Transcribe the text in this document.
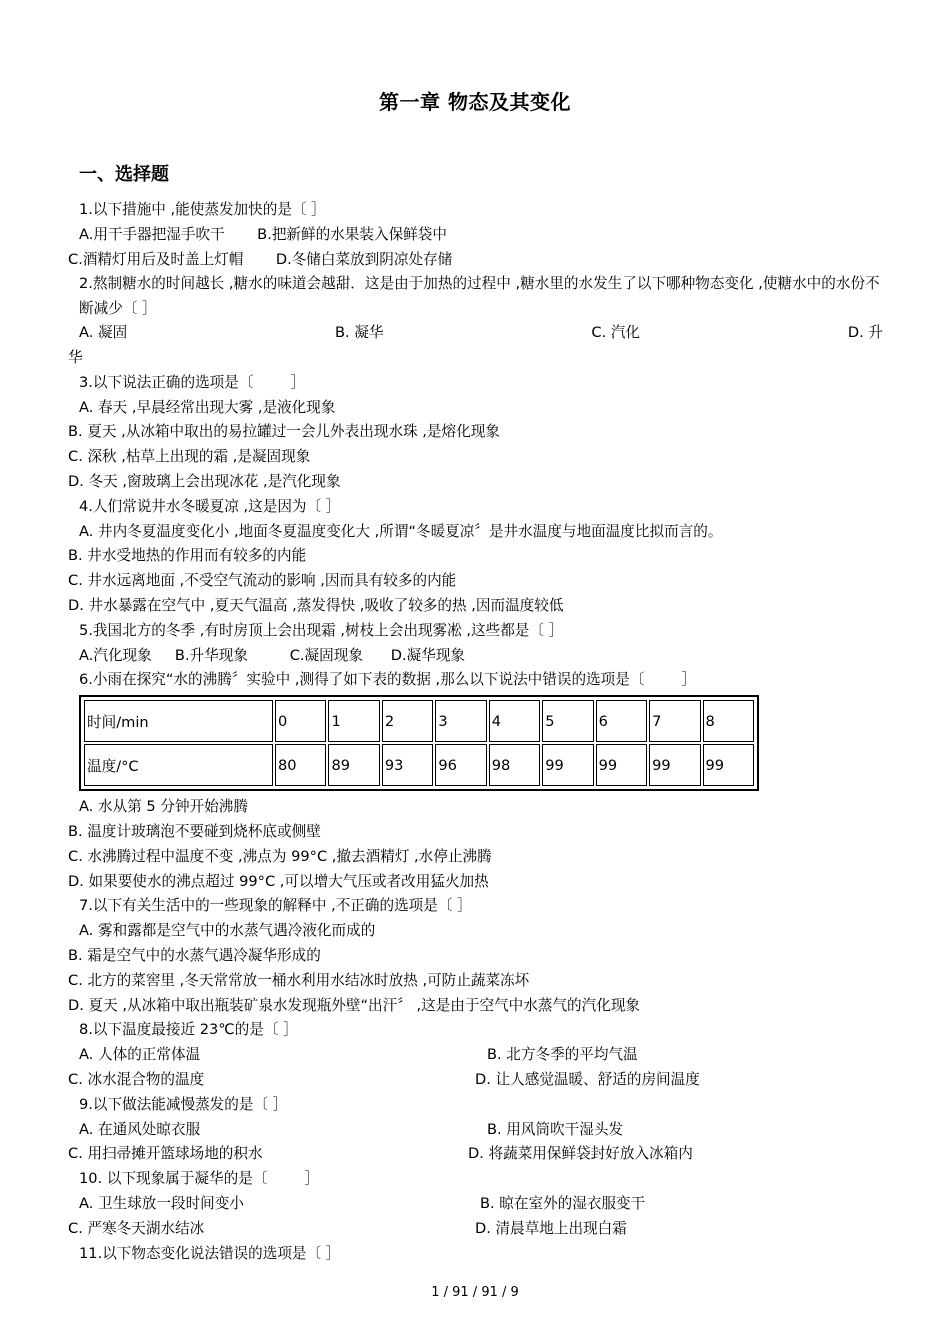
第一章 物态及其变化
一、选择题
1.以下措施中 ,能使蒸发加快的是〔 ］
A.用干手器把湿手吹干       B.把新鲜的水果装入保鲜袋中
C.酒精灯用后及时盖上灯帽       D.冬储白菜放到阴凉处存储
2.熬制糖水的时间越长 ,糖水的味道会越甜．这是由于加热的过程中 ,糖水里的水发生了以下哪种物态变化 ,使糖水中的水份不断减少〔 ］
A. 凝固	B. 凝华	C. 汽化	D. 升
华
3.以下说法正确的选项是〔        ］
A. 春天 ,早晨经常出现大雾 ,是液化现象
B. 夏天 ,从冰箱中取出的易拉罐过一会儿外表出现水珠 ,是熔化现象
C. 深秋 ,枯草上出现的霜 ,是凝固现象
D. 冬天 ,窗玻璃上会出现冰花 ,是汽化现象
4.人们常说井水冬暖夏凉 ,这是因为〔 ］
A. 井内冬夏温度变化小 ,地面冬夏温度变化大 ,所谓“冬暖夏凉〞是井水温度与地面温度比拟而言的。
B. 井水受地热的作用而有较多的内能
C. 井水远离地面 ,不受空气流动的影响 ,因而具有较多的内能
D. 井水暴露在空气中 ,夏天气温高 ,蒸发得快 ,吸收了较多的热 ,因而温度较低
5.我国北方的冬季 ,有时房顶上会出现霜 ,树枝上会出现雾凇 ,这些都是〔 ］
A.汽化现象     B.升华现象         C.凝固现象      D.凝华现象
6.小雨在探究“水的沸腾〞实验中 ,测得了如下表的数据 ,那么以下说法中错误的选项是〔        ］
时间/min	0	1	2	3	4	5	6	7	8
温度/°C	80	89	93	96	98	99	99	99	99
A. 水从第 5 分钟开始沸腾
B. 温度计玻璃泡不要碰到烧杯底或侧壁
C. 水沸腾过程中温度不变 ,沸点为 99°C ,撤去酒精灯 ,水停止沸腾
D. 如果要使水的沸点超过 99°C ,可以增大气压或者改用猛火加热
7.以下有关生活中的一些现象的解释中 ,不正确的选项是〔 ］
A. 雾和露都是空气中的水蒸气遇冷液化而成的
B. 霜是空气中的水蒸气遇冷凝华形成的
C. 北方的菜窖里 ,冬天常常放一桶水利用水结冰时放热 ,可防止蔬菜冻坏
D. 夏天 ,从冰箱中取出瓶装矿泉水发现瓶外壁“出汗〞 ,这是由于空气中水蒸气的汽化现象
8.以下温度最接近 23℃的是〔 ］
A. 人体的正常体温	B. 北方冬季的平均气温
C. 冰水混合物的温度	D. 让人感觉温暖、舒适的房间温度
9.以下做法能减慢蒸发的是〔 ］
A. 在通风处晾衣服	B. 用风筒吹干湿头发
C. 用扫帚摊开篮球场地的积水	D. 将蔬菜用保鲜袋封好放入冰箱内
10. 以下现象属于凝华的是〔        ］
A. 卫生球放一段时间变小	B. 晾在室外的湿衣服变干
C. 严寒冬天湖水结冰	D. 清晨草地上出现白霜
11.以下物态变化说法错误的选项是〔 ］
1 / 91 / 91 / 9
